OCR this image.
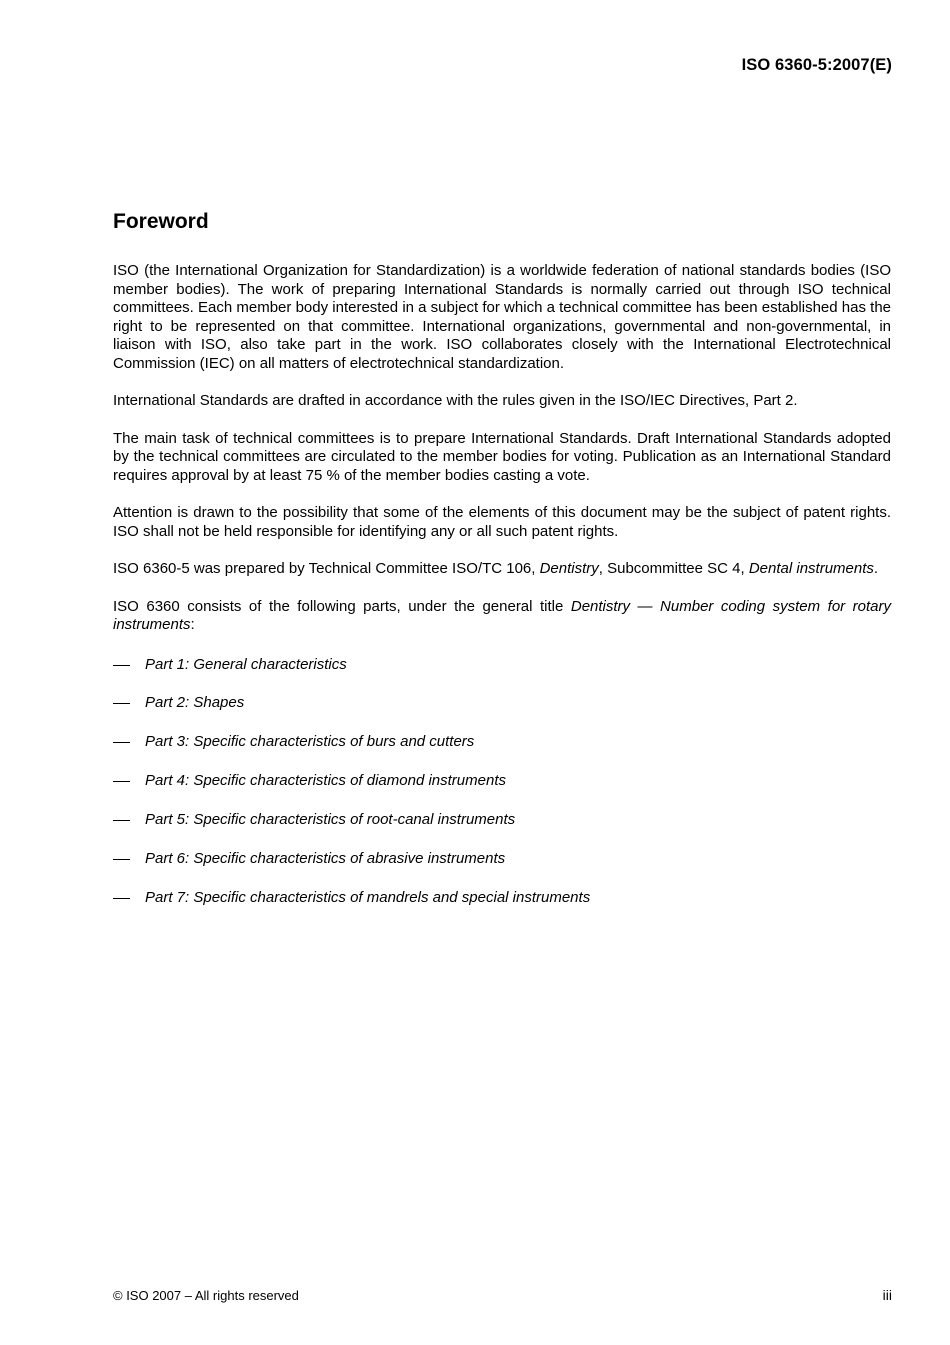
ISO 6360-5:2007(E)
Foreword

ISO (the International Organization for Standardization) is a worldwide federation of national standards bodies (ISO member bodies). The work of preparing International Standards is normally carried out through ISO technical committees. Each member body interested in a subject for which a technical committee has been established has the right to be represented on that committee. International organizations, governmental and non-governmental, in liaison with ISO, also take part in the work. ISO collaborates closely with the International Electrotechnical Commission (IEC) on all matters of electrotechnical standardization.

International Standards are drafted in accordance with the rules given in the ISO/IEC Directives, Part 2.

The main task of technical committees is to prepare International Standards. Draft International Standards adopted by the technical committees are circulated to the member bodies for voting. Publication as an International Standard requires approval by at least 75 % of the member bodies casting a vote.

Attention is drawn to the possibility that some of the elements of this document may be the subject of patent rights. ISO shall not be held responsible for identifying any or all such patent rights.

ISO 6360-5 was prepared by Technical Committee ISO/TC 106, Dentistry, Subcommittee SC 4, Dental instruments.

ISO 6360 consists of the following parts, under the general title Dentistry — Number coding system for rotary instruments:

Part 1: General characteristics
Part 2: Shapes
Part 3: Specific characteristics of burs and cutters
Part 4: Specific characteristics of diamond instruments
Part 5: Specific characteristics of root-canal instruments
Part 6: Specific characteristics of abrasive instruments
Part 7: Specific characteristics of mandrels and special instruments
© ISO 2007 – All rights reserved	iii
